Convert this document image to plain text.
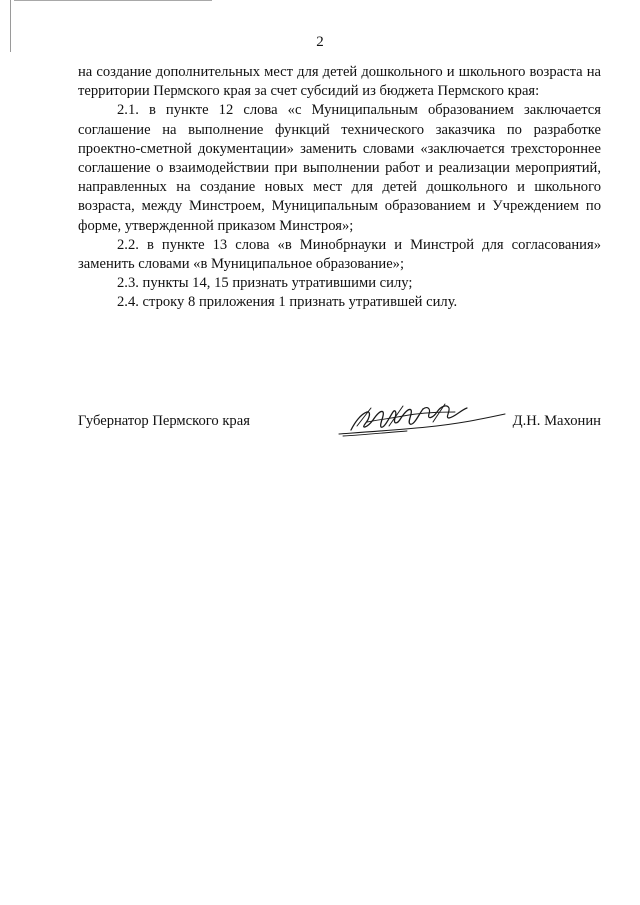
2

на создание дополнительных мест для детей дошкольного и школьного возраста на территории Пермского края за счет субсидий из бюджета Пермского края:

2.1. в пункте 12 слова «с Муниципальным образованием заключается соглашение на выполнение функций технического заказчика по разработке проектно-сметной документации» заменить словами «заключается трехстороннее соглашение о взаимодействии при выполнении работ и реализации мероприятий, направленных на создание новых мест для детей дошкольного и школьного возраста, между Минстроем, Муниципальным образованием и Учреждением по форме, утвержденной приказом Минстроя»;

2.2. в пункте 13 слова «в Минобрнауки и Минстрой для согласования» заменить словами «в Муниципальное образование»;

2.3. пункты 14, 15 признать утратившими силу;

2.4. строку 8 приложения 1 признать утратившей силу.

Губернатор Пермского края	Д.Н. Махонин
